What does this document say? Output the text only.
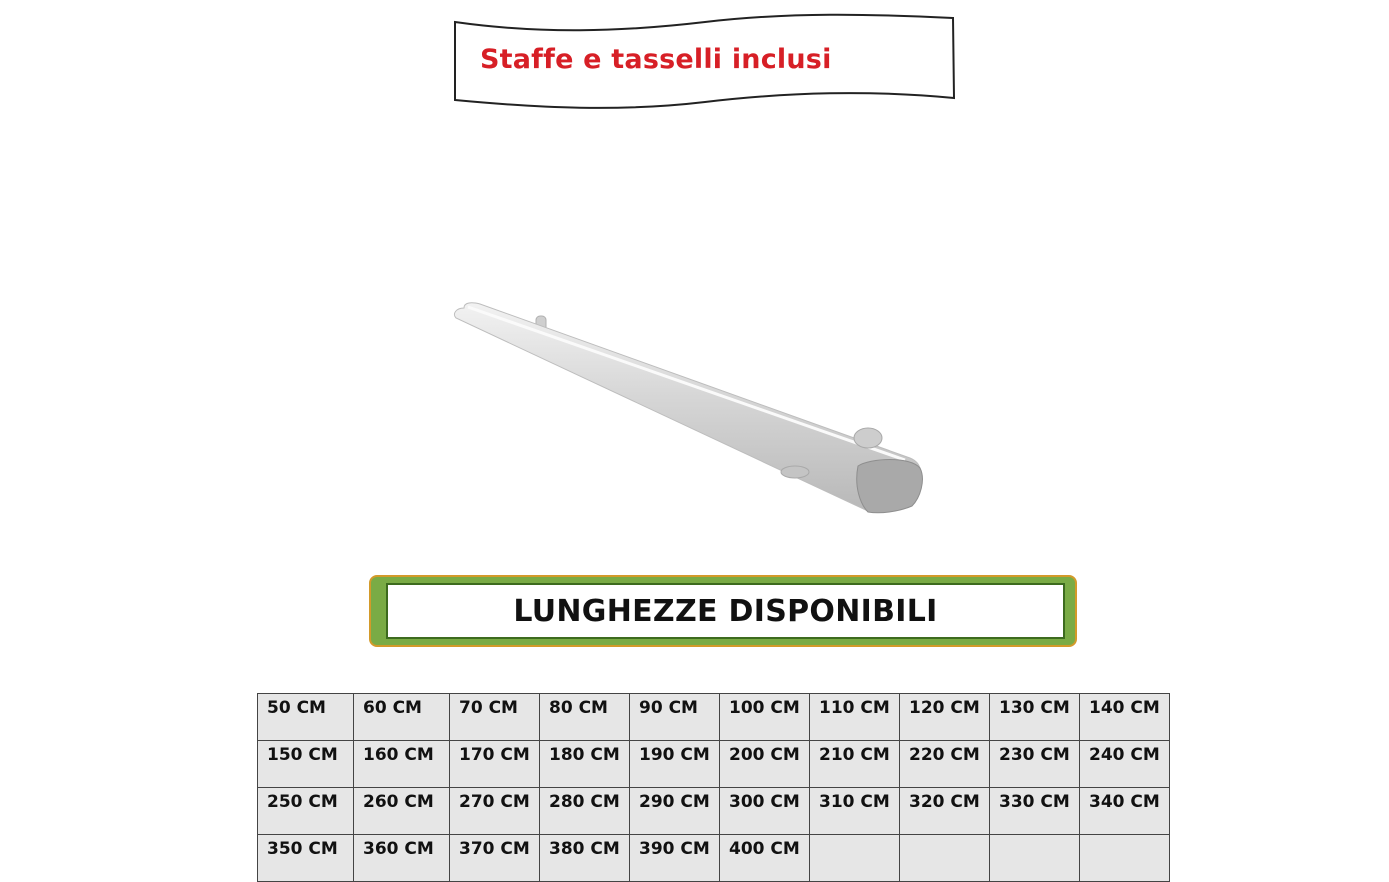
Staffe e tasselli inclusi
LUNGHEZZE DISPONIBILI
50 CM	60 CM	70 CM	80 CM	90 CM	100 CM	110 CM	120 CM	130 CM	140 CM
150 CM	160 CM	170 CM	180 CM	190 CM	200 CM	210 CM	220 CM	230 CM	240 CM
250 CM	260 CM	270 CM	280 CM	290 CM	300 CM	310 CM	320 CM	330 CM	340 CM
350 CM	360 CM	370 CM	380 CM	390 CM	400 CM				
